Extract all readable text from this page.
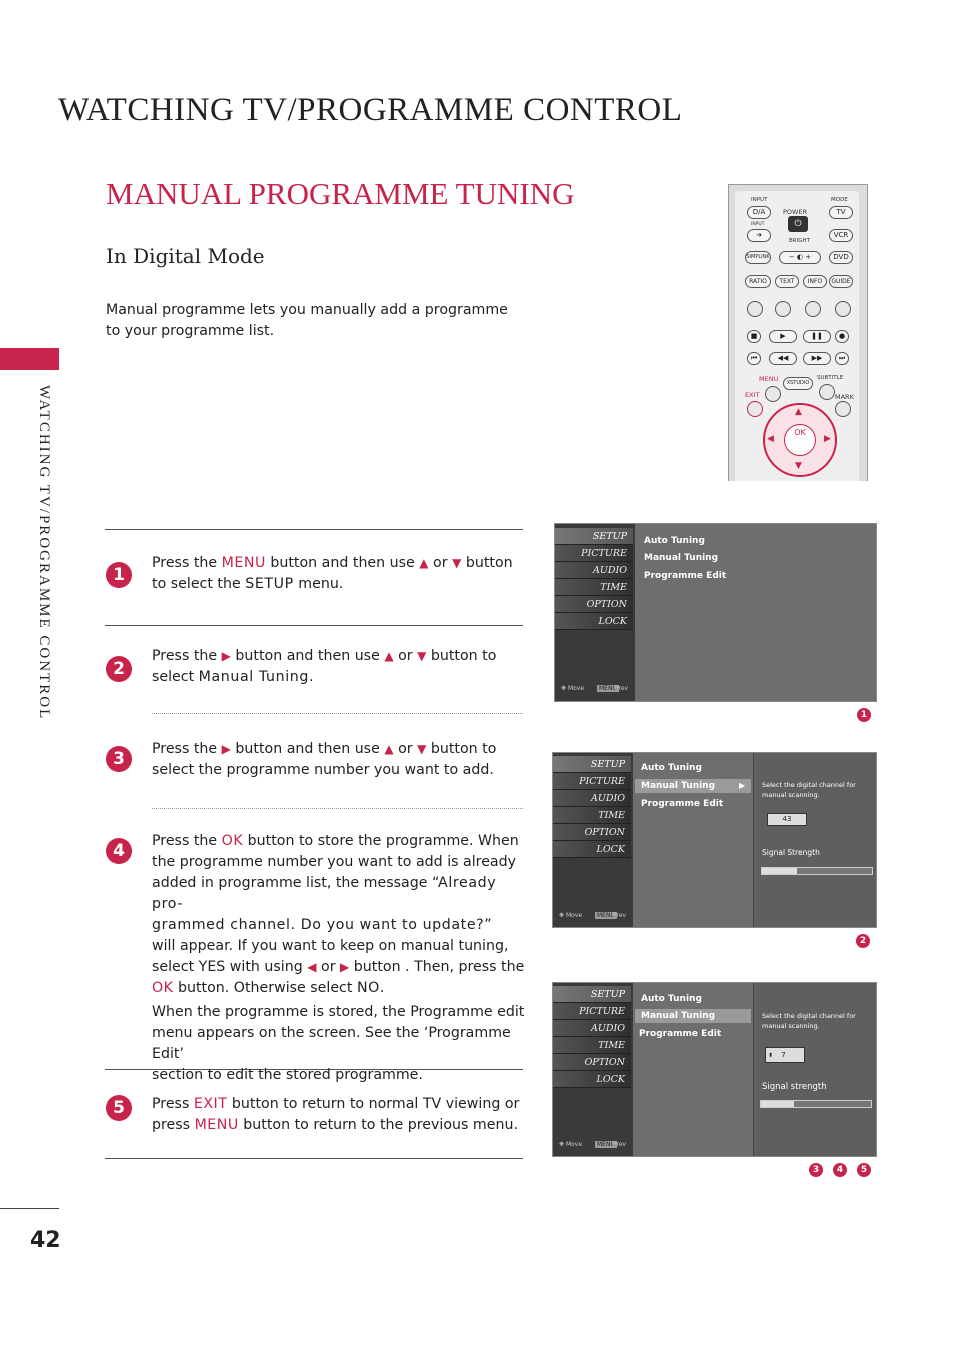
WATCHING TV/PROGRAMME CONTROL
WATCHING TV/PROGRAMME CONTROL
42
MANUAL PROGRAMME TUNING
In Digital Mode
Manual programme lets you manually add a programme to your programme list.
INPUT	MODE
D/A	POWER
⏻
TV
INPUT
➔	VCR
BRIGHT
SIMPLINK	− ◐ +	DVD
RATIO	TEXT	INFO	GUIDE
■	▶	❚❚	●
⏮	◀◀	▶▶	⏭
MENU	XSTUDIO
SUBTITLE
EXIT	MARK
▲
▼
◀	▶
OK
1
Press the MENU button and then use ▲ or ▼ button
to select the SETUP menu.
2
Press the ▶ button and then use ▲ or ▼ button to
select Manual Tuning.
3	Press the ▶ button and then use ▲ or ▼ button to
select the programme number you want to add.
4	Press the OK button to store the programme. When
the programme number you want to add is already
added in programme list, the message “Already pro-
grammed channel. Do you want to update?”
will appear. If you want to keep on manual tuning,
select YES with using ◀ or ▶ button . Then, press the
OK button. Otherwise select NO.
When the programme is stored, the Programme edit
menu appears on the screen. See the ‘Programme Edit’
section to edit the stored programme.
5	Press EXIT button to return to normal TV viewing or
press MENU button to return to the previous menu.
SETUP
PICTURE
AUDIO
TIME
OPTION
LOCK
✥ Move	MENU
Prev
Auto Tuning
Manual Tuning
Programme Edit
1
SETUP
PICTURE
AUDIO
TIME
OPTION
LOCK
✥ Move	MENU
Prev
Auto Tuning
Manual Tuning	▶
Programme Edit
Select the digital channel for manual scanning.
43
Signal Strength
2
SETUP
PICTURE
AUDIO
TIME
OPTION
LOCK
✥ Move	MENU
Prev
Auto Tuning
Manual Tuning
Programme Edit
Select the digital channel for manual scanning.
⬍ 7
Signal strength
3	4	5
